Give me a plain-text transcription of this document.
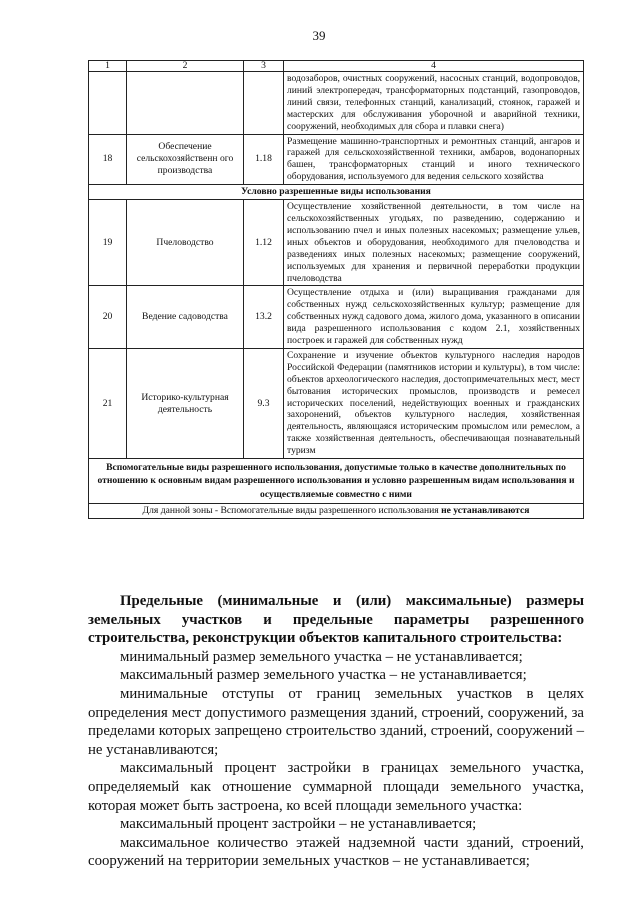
39
1	2	3	4
			водозаборов, очистных сооружений, насосных станций, водопроводов, линий электропередач, трансформаторных подстанций, газопроводов, линий связи, телефонных станций, канализаций, стоянок, гаражей и мастерских для обслуживания уборочной и аварийной техники, сооружений, необходимых для сбора и плавки снега)
18	Обеспечение сельскохозяйственн ого производства	1.18	Размещение машинно-транспортных и ремонтных станций, ангаров и гаражей для сельскохозяйственной техники, амбаров, водонапорных башен, трансформаторных станций и иного технического оборудования, используемого для ведения сельского хозяйства
Условно разрешенные виды использования			
19	Пчеловодство	1.12	Осуществление хозяйственной деятельности, в том числе на сельскохозяйственных угодьях, по разведению, содержанию и использованию пчел и иных полезных насекомых; размещение ульев, иных объектов и оборудования, необходимого для пчеловодства и разведениях иных полезных насекомых; размещение сооружений, используемых для хранения и первичной переработки продукции пчеловодства
20	Ведение садоводства	13.2	Осуществление отдыха и (или) выращивания гражданами для собственных нужд сельскохозяйственных культур; размещение для собственных нужд садового дома, жилого дома, указанного в описании вида разрешенного использования с кодом 2.1, хозяйственных построек и гаражей для собственных нужд
21	Историко-культурная деятельность	9.3	Сохранение и изучение объектов культурного наследия народов Российской Федерации (памятников истории и культуры), в том числе: объектов археологического наследия, достопримечательных мест, мест бытования исторических промыслов, производств и ремесел исторических поселений, недействующих военных и гражданских захоронений, объектов культурного наследия, хозяйственная деятельность, являющаяся историческим промыслом или ремеслом, а также хозяйственная деятельность, обеспечивающая познавательный туризм
Вспомогательные виды разрешенного использования, допустимые только в качестве дополнительных по отношению к основным видам разрешенного использования и условно разрешенным видам использования и осуществляемые совместно с ними			
Для данной зоны - Вспомогательные виды разрешенного использования не устанавливаются			

Предельные (минимальные и (или) максимальные) размеры земельных участков и предельные параметры разрешенного строительства, реконструкции объектов капитального строительства:

минимальный размер земельного участка – не устанавливается;

максимальный размер земельного участка – не устанавливается;

минимальные отступы от границ земельных участков в целях определения мест допустимого размещения зданий, строений, сооружений, за пределами которых запрещено строительство зданий, строений, сооружений – не устанавливаются;

максимальный процент застройки в границах земельного участка, определяемый как отношение суммарной площади земельного участка, которая может быть застроена, ко всей площади земельного участка:

максимальный процент застройки – не устанавливается;

максимальное количество этажей надземной части зданий, строений, сооружений на территории земельных участков – не устанавливается;
